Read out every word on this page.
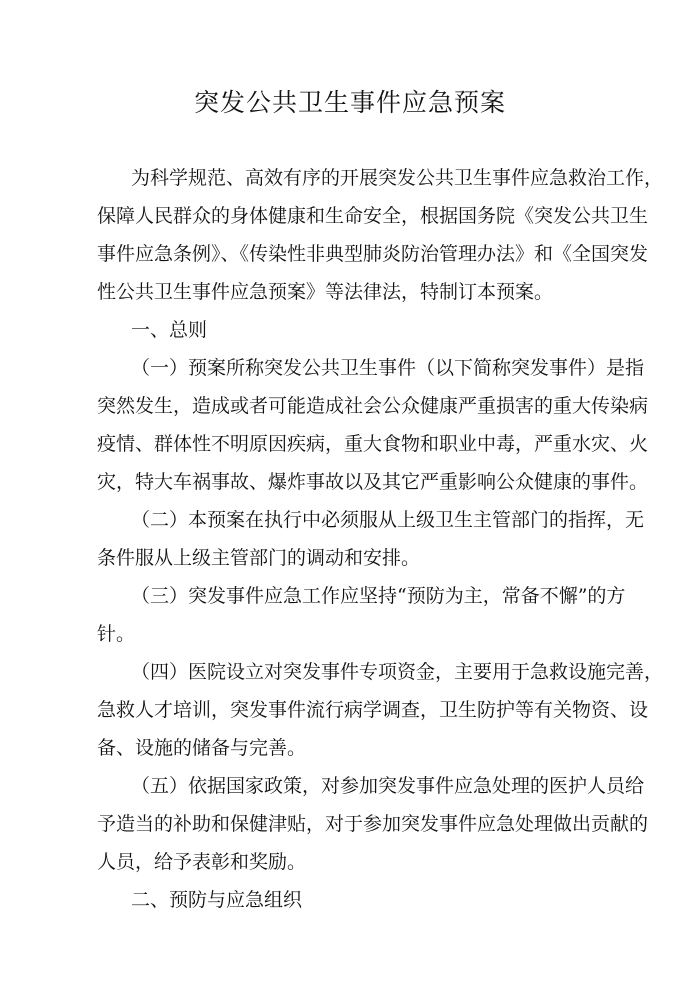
突发公共卫生事件应急预案
为科学规范、高效有序的开展突发公共卫生事件应急救治工作，
保障人民群众的身体健康和生命安全，根据国务院《突发公共卫生
事件应急条例》、《传染性非典型肺炎防治管理办法》和《全国突发
性公共卫生事件应急预案》等法律法，特制订本预案。
一、总则
（一）预案所称突发公共卫生事件（以下简称突发事件）是指
突然发生，造成或者可能造成社会公众健康严重损害的重大传染病
疫情、群体性不明原因疾病，重大食物和职业中毒，严重水灾、火
灾，特大车祸事故、爆炸事故以及其它严重影响公众健康的事件。
（二）本预案在执行中必须服从上级卫生主管部门的指挥，无
条件服从上级主管部门的调动和安排。
（三）突发事件应急工作应坚持“预防为主，常备不懈”的方
针。
（四）医院设立对突发事件专项资金，主要用于急救设施完善，
急救人才培训，突发事件流行病学调查，卫生防护等有关物资、设
备、设施的储备与完善。
（五）依据国家政策，对参加突发事件应急处理的医护人员给
予造当的补助和保健津贴，对于参加突发事件应急处理做出贡献的
人员，给予表彰和奖励。
二、预防与应急组织
